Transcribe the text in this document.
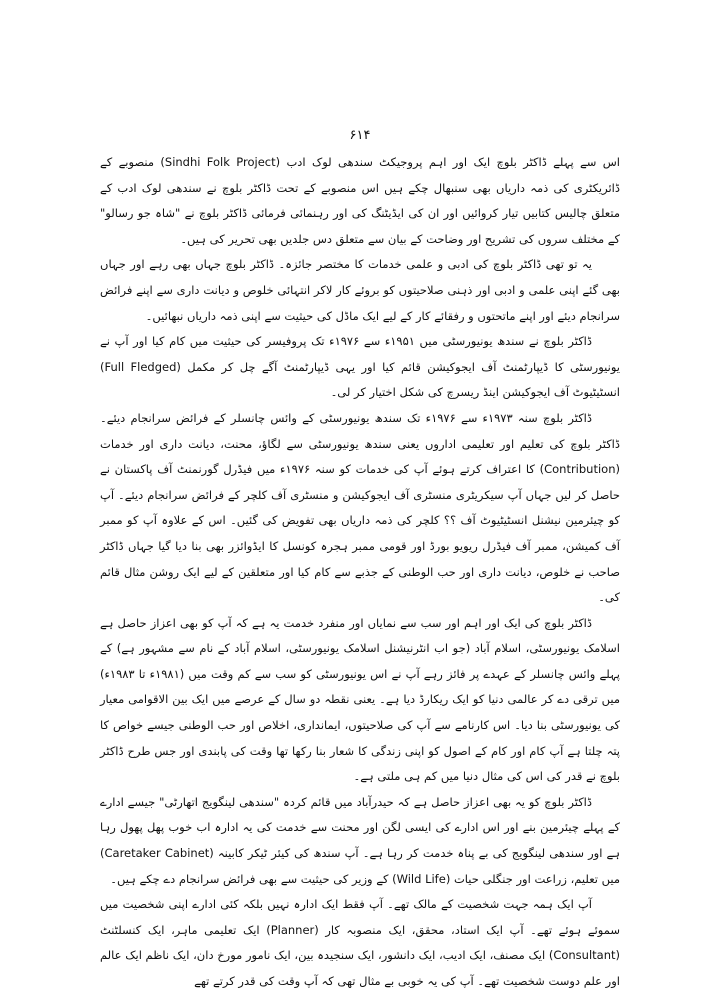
۶۱۴

اس سے پہلے ڈاکٹر بلوچ ایک اور اہم پروجیکٹ سندھی لوک ادب (Sindhi Folk Project) منصوبے کے ڈائریکٹری کی ذمہ داریاں بھی سنبھال چکے ہیں اس منصوبے کے تحت ڈاکٹر بلوچ نے سندھی لوک ادب کے متعلق چالیس کتابیں تیار کروائیں اور ان کی ایڈیٹنگ کی اور رہنمائی فرمائی ڈاکٹر بلوچ نے "شاہ جو رسالو" کے مختلف سروں کی تشریح اور وضاحت کے بیان سے متعلق دس جلدیں بھی تحریر کی ہیں۔

یہ تو تھی ڈاکٹر بلوچ کی ادبی و علمی خدمات کا مختصر جائزہ۔ ڈاکٹر بلوچ جہاں بھی رہے اور جہاں بھی گئے اپنی علمی و ادبی اور ذہنی صلاحیتوں کو بروئے کار لاکر انتہائی خلوص و دیانت داری سے اپنے فرائض سرانجام دیئے اور اپنے ماتحتوں و رفقائے کار کے لیے ایک ماڈل کی حیثیت سے اپنی ذمہ داریاں نبھائیں۔

ڈاکٹر بلوچ نے سندھ یونیورسٹی میں ۱۹۵۱ء سے ۱۹۷۶ء تک پروفیسر کی حیثیت میں کام کیا اور آپ نے یونیورسٹی کا ڈیپارٹمنٹ آف ایجوکیشن قائم کیا اور یہی ڈیپارٹمنٹ آگے چل کر مکمل (Full Fledged) انسٹیٹیوٹ آف ایجوکیشن اینڈ ریسرچ کی شکل اختیار کر لی۔

ڈاکٹر بلوچ سنہ ۱۹۷۳ء سے ۱۹۷۶ء تک سندھ یونیورسٹی کے وائس چانسلر کے فرائض سرانجام دیئے۔ ڈاکٹر بلوچ کی تعلیم اور تعلیمی اداروں یعنی سندھ یونیورسٹی سے لگاؤ، محنت، دیانت داری اور خدمات (Contribution) کا اعتراف کرتے ہوئے آپ کی خدمات کو سنہ ۱۹۷۶ء میں فیڈرل گورنمنٹ آف پاکستان نے حاصل کر لیں جہاں آپ سیکریٹری منسٹری آف ایجوکیشن و منسٹری آف کلچر کے فرائض سرانجام دیئے۔ آپ کو چیئرمین نیشنل انسٹیٹیوٹ آف ؟؟ کلچر کی ذمہ داریاں بھی تفویض کی گئیں۔ اس کے علاوہ آپ کو ممبر آف کمیشن، ممبر آف فیڈرل ریویو بورڈ اور قومی ممبر ہجرہ کونسل کا ایڈوائزر بھی بنا دیا گیا جہاں ڈاکٹر صاحب نے خلوص، دیانت داری اور حب الوطنی کے جذبے سے کام کیا اور متعلقین کے لیے ایک روشن مثال قائم کی۔

ڈاکٹر بلوچ کی ایک اور اہم اور سب سے نمایاں اور منفرد خدمت یہ ہے کہ آپ کو بھی اعزاز حاصل ہے اسلامک یونیورسٹی، اسلام آباد (جو اب انٹرنیشنل اسلامک یونیورسٹی، اسلام آباد کے نام سے مشہور ہے) کے پہلے وائس چانسلر کے عہدے پر فائز رہے آپ نے اس یونیورسٹی کو سب سے کم وقت میں (۱۹۸۱ء تا ۱۹۸۳ء) میں ترقی دے کر عالمی دنیا کو ایک ریکارڈ دیا ہے۔ یعنی نقطہ دو سال کے عرصے میں ایک بین الاقوامی معیار کی یونیورسٹی بنا دیا۔ اس کارنامے سے آپ کی صلاحیتوں، ایمانداری، اخلاص اور حب الوطنی جیسے خواص کا پتہ چلتا ہے آپ کام اور کام کے اصول کو اپنی زندگی کا شعار بنا رکھا تھا وقت کی پابندی اور جس طرح ڈاکٹر بلوچ نے قدر کی اس کی مثال دنیا میں کم ہی ملتی ہے۔

ڈاکٹر بلوچ کو یہ بھی اعزاز حاصل ہے کہ حیدرآباد میں قائم کردہ "سندھی لینگویج اتھارٹی" جیسے ادارے کے پہلے چیئرمین بنے اور اس ادارے کی ایسی لگن اور محنت سے خدمت کی یہ ادارہ اب خوب پھل پھول رہا ہے اور سندھی لینگویج کی بے پناہ خدمت کر رہا ہے۔ آپ سندھ کی کیئر ٹیکر کابینہ (Caretaker Cabinet) میں تعلیم، زراعت اور جنگلی حیات (Wild Life) کے وزیر کی حیثیت سے بھی فرائض سرانجام دے چکے ہیں۔

آپ ایک ہمہ جہت شخصیت کے مالک تھے۔ آپ فقط ایک ادارہ نہیں بلکہ کئی ادارے اپنی شخصیت میں سموئے ہوئے تھے۔ آپ ایک استاد، محقق، ایک منصوبہ کار (Planner) ایک تعلیمی ماہر، ایک کنسلٹنٹ (Consultant) ایک مصنف، ایک ادیب، ایک دانشور، ایک سنجیدہ بین، ایک نامور مورخ دان، ایک ناظم ایک عالم اور علم دوست شخصیت تھے۔ آپ کی یہ خوبی بے مثال تھی کہ آپ وقت کی قدر کرتے تھے
